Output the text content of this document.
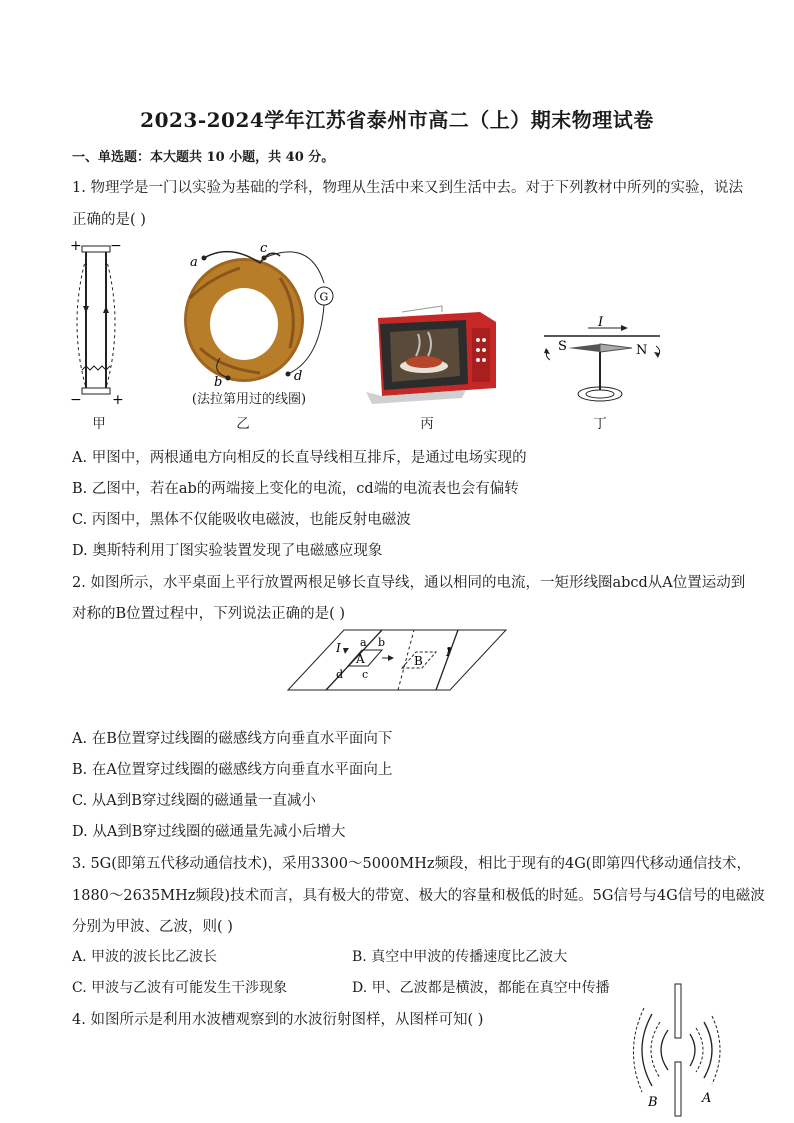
2023-2024学年江苏省泰州市高二（上）期末物理试卷
一、单选题：本大题共 10 小题，共 40 分。
1. 物理学是一门以实验为基础的学科，物理从生活中来又到生活中去。对于下列教材中所列的实验，说法
正确的是( )
+ −
− +
甲
G
a
c
b	d
(法拉第用过的线圈)
乙	丙
I
S	N
丁
A. 甲图中，两根通电方向相反的长直导线相互排斥，是通过电场实现的
B. 乙图中，若在ab的两端接上变化的电流，cd端的电流表也会有偏转
C. 丙图中，黑体不仅能吸收电磁波，也能反射电磁波
D. 奥斯特利用丁图实验装置发现了电磁感应现象
2. 如图所示，水平桌面上平行放置两根足够长直导线，通以相同的电流，一矩形线圈abcd从A位置运动到
对称的B位置过程中，下列说法正确的是( )
I	I
A
a b
d c
B
A. 在B位置穿过线圈的磁感线方向垂直水平面向下
B. 在A位置穿过线圈的磁感线方向垂直水平面向上
C. 从A到B穿过线圈的磁通量一直减小
D. 从A到B穿过线圈的磁通量先减小后增大
3. 5G(即第五代移动通信技术)，采用3300～5000MHz频段，相比于现有的4G(即第四代移动通信技术，
1880～2635MHz频段)技术而言，具有极大的带宽、极大的容量和极低的时延。5G信号与4G信号的电磁波
分别为甲波、乙波，则( )
A. 甲波的波长比乙波长	B. 真空中甲波的传播速度比乙波大
C. 甲波与乙波有可能发生干涉现象	D. 甲、乙波都是横波，都能在真空中传播
4. 如图所示是利用水波槽观察到的水波衍射图样，从图样可知( )
B	A
